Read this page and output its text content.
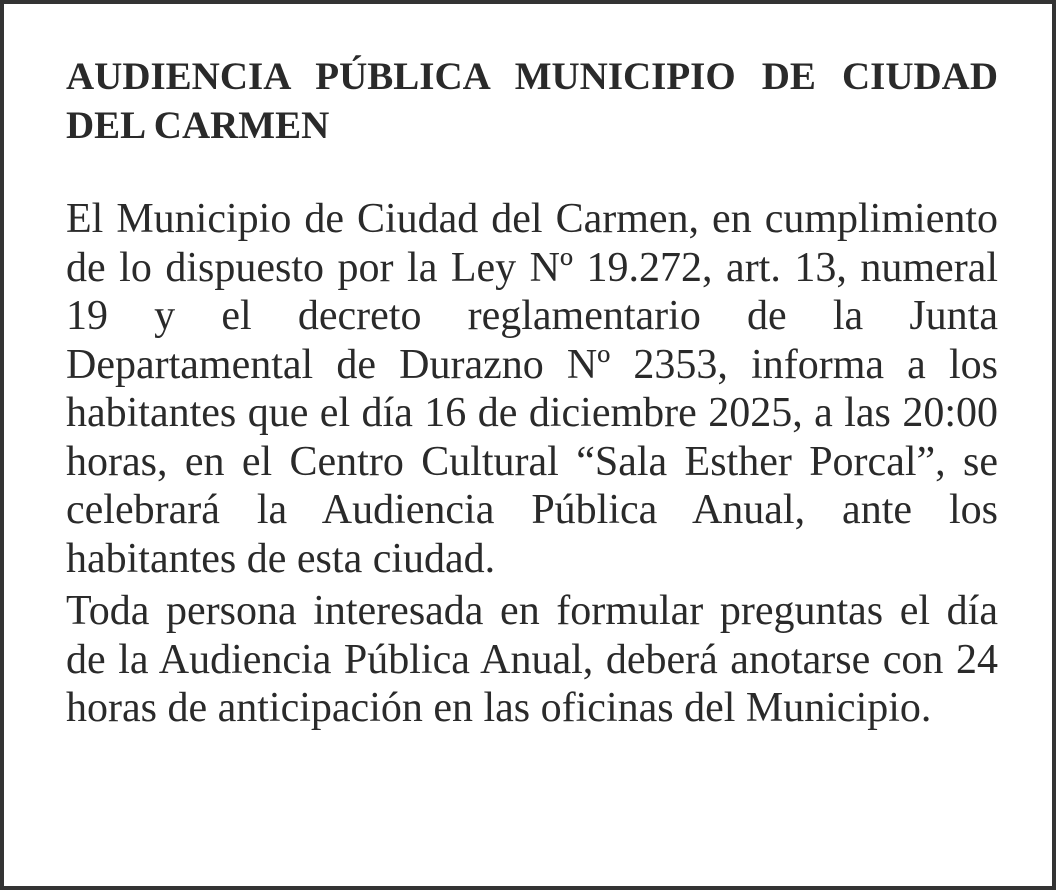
AUDIENCIA PÚBLICA MUNICIPIO DE CIUDAD DEL CARMEN

El Municipio de Ciudad del Carmen, en cumplimiento de lo dispuesto por la Ley Nº 19.272, art. 13, numeral 19 y el decreto reglamentario de la Junta Departamental de Durazno Nº 2353, informa a los habitantes que el día 16 de diciembre 2025, a las 20:00 horas, en el Centro Cultural “Sala Esther Porcal”, se celebrará la Audiencia Pública Anual, ante los habitantes de esta ciudad.

Toda persona interesada en formular preguntas el día de la Audiencia Pública Anual, deberá anotarse con 24 horas de anticipación en las oficinas del Municipio.
